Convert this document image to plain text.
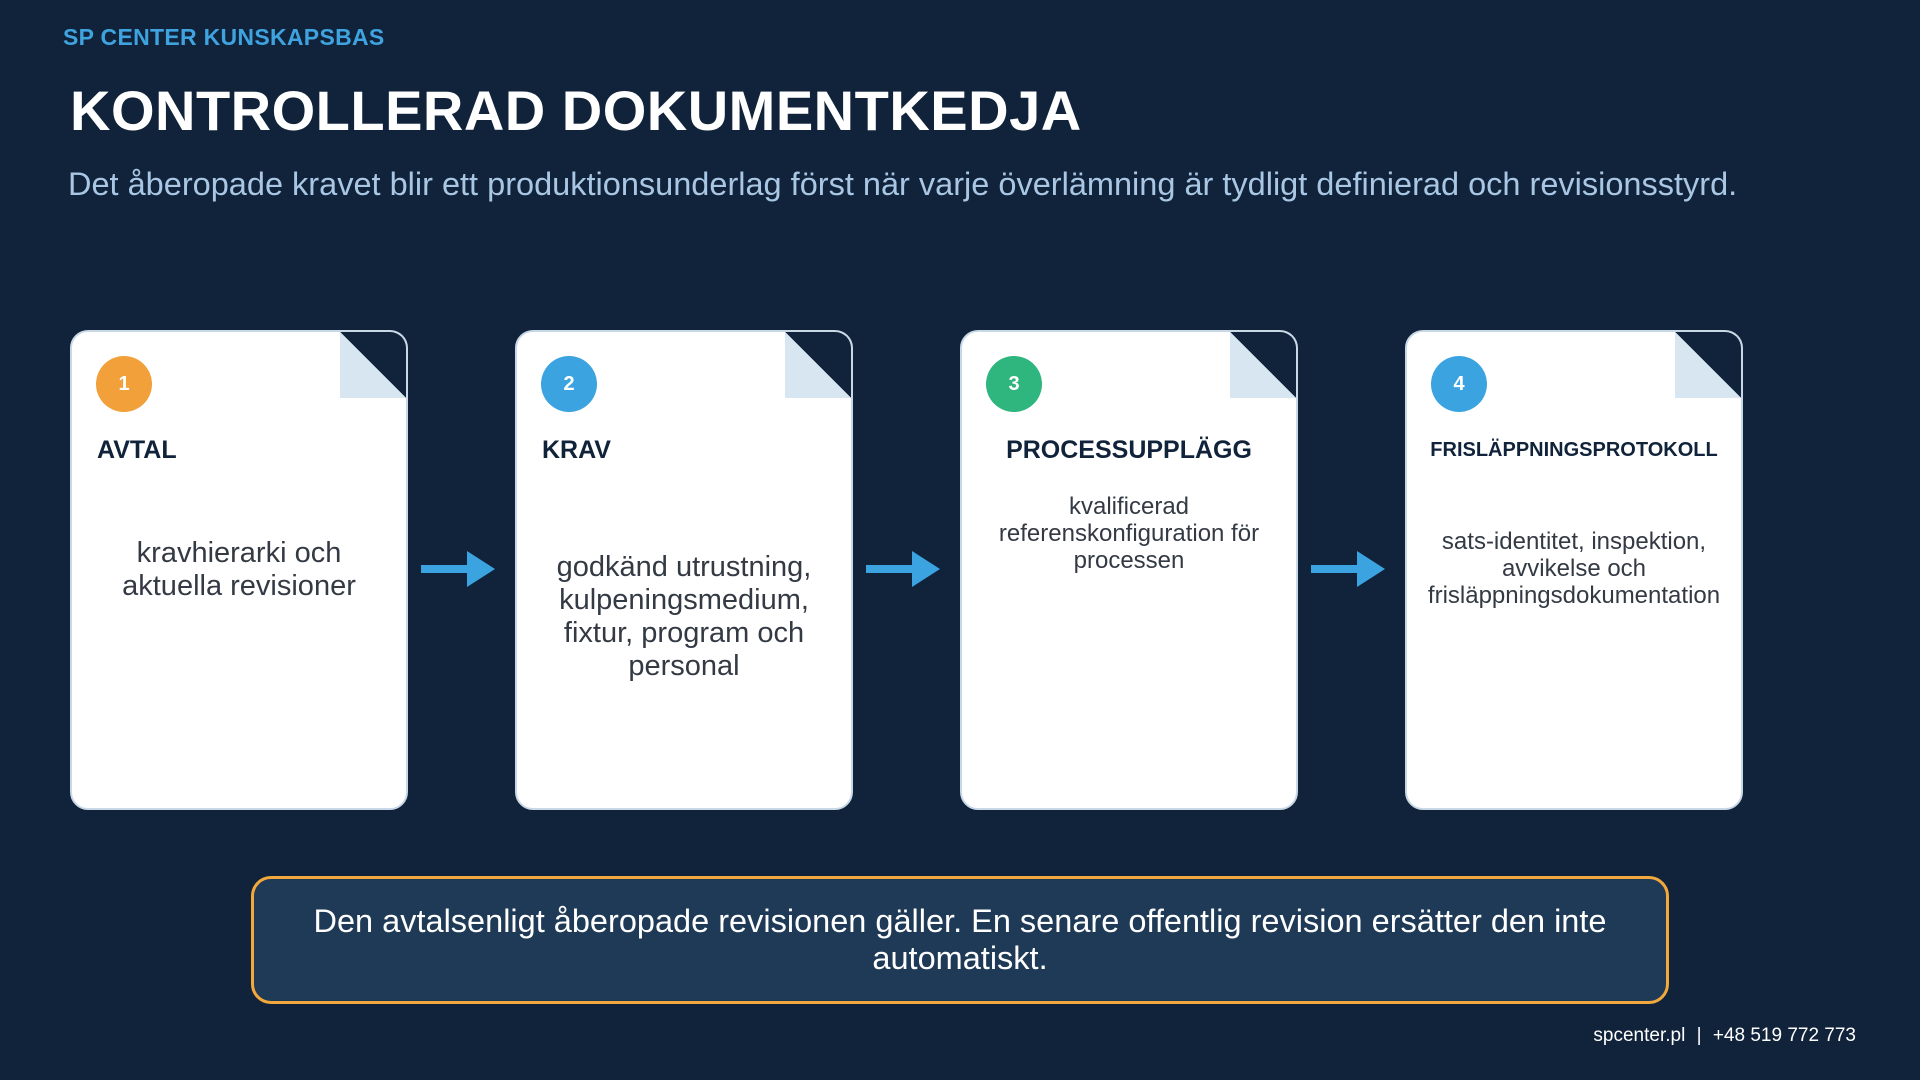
SP CENTER KUNSKAPSBAS
KONTROLLERAD DOKUMENTKEDJA
Det åberopade kravet blir ett produktionsunderlag först när varje överlämning är tydligt definierad och revisionsstyrd.
1
AVTAL
kravhierarki och aktuella revisioner
2
KRAV
godkänd utrustning, kulpeningsmedium, fixtur, program och personal
3
PROCESSUPPLÄGG
kvalificerad referenskonfiguration för processen
4
FRISLÄPPNINGSPROTOKOLL
sats-identitet, inspektion, avvikelse och frisläppningsdokumentation
Den avtalsenligt åberopade revisionen gäller. En senare offentlig revision ersätter den inte automatiskt.
spcenter.pl | +48 519 772 773
